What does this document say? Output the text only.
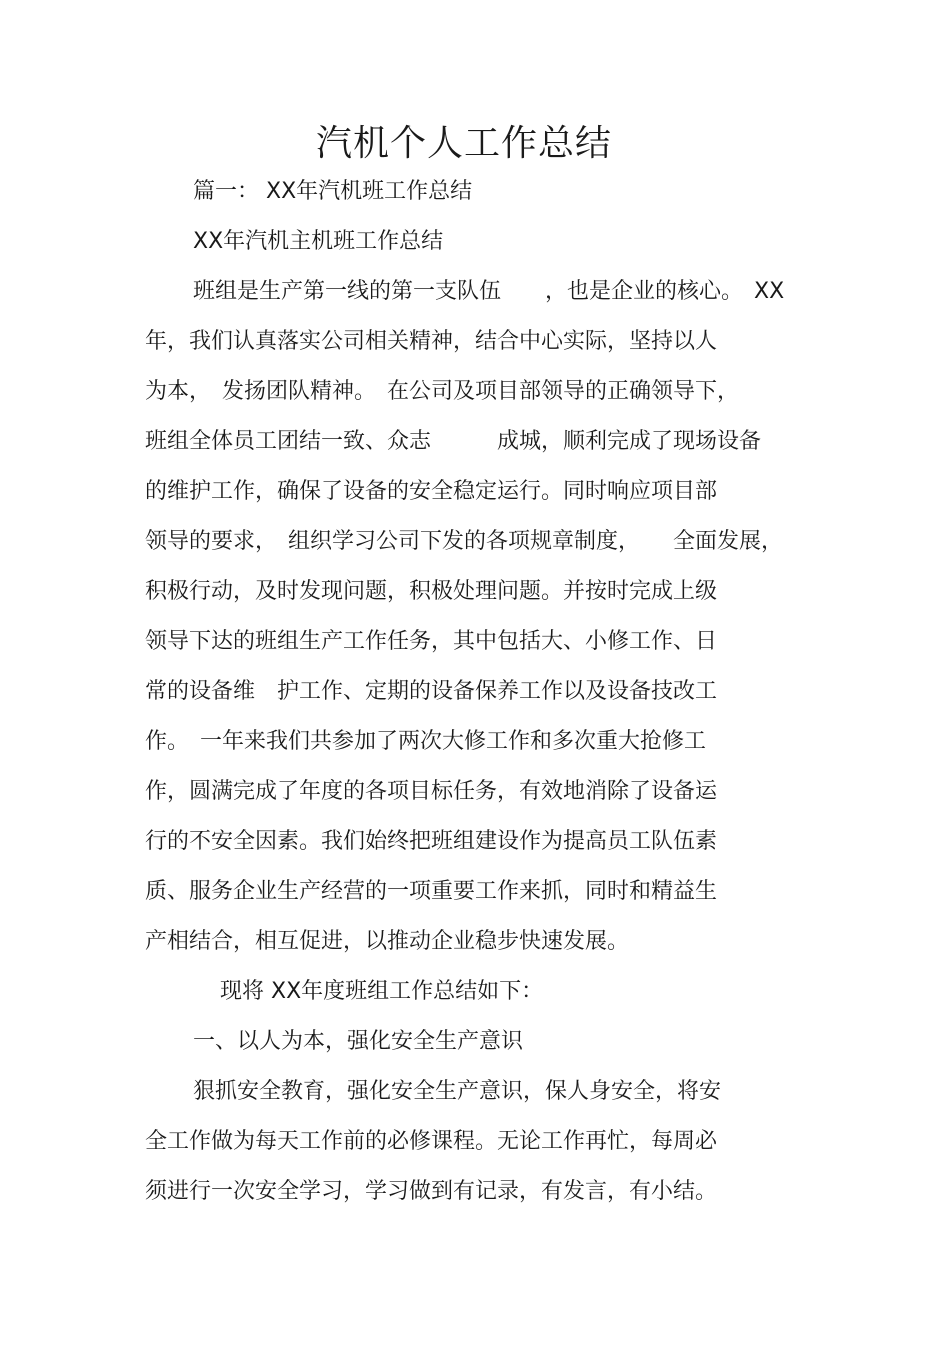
汽机个人工作总结

篇一： XX年汽机班工作总结

XX年汽机主机班工作总结

班组是生产第一线的第一支队伍　　，也是企业的核心。　XX

年，我们认真落实公司相关精神，结合中心实际，坚持以人

为本，　发扬团队精神。　在公司及项目部领导的正确领导下，

班组全体员工团结一致、众志　　　成城，顺利完成了现场设备

的维护工作，确保了设备的安全稳定运行。同时响应项目部

领导的要求，　组织学习公司下发的各项规章制度，　　全面发展，

积极行动，及时发现问题，积极处理问题。并按时完成上级

领导下达的班组生产工作任务，其中包括大、小修工作、日

常的设备维　护工作、定期的设备保养工作以及设备技改工

作。　一年来我们共参加了两次大修工作和多次重大抢修工

作，圆满完成了年度的各项目标任务，有效地消除了设备运

行的不安全因素。我们始终把班组建设作为提高员工队伍素

质、服务企业生产经营的一项重要工作来抓，同时和精益生

产相结合，相互促进，以推动企业稳步快速发展。

现将 XX年度班组工作总结如下：

一、以人为本，强化安全生产意识

狠抓安全教育，强化安全生产意识，保人身安全，将安

全工作做为每天工作前的必修课程。无论工作再忙，每周必

须进行一次安全学习，学习做到有记录，有发言，有小结。
